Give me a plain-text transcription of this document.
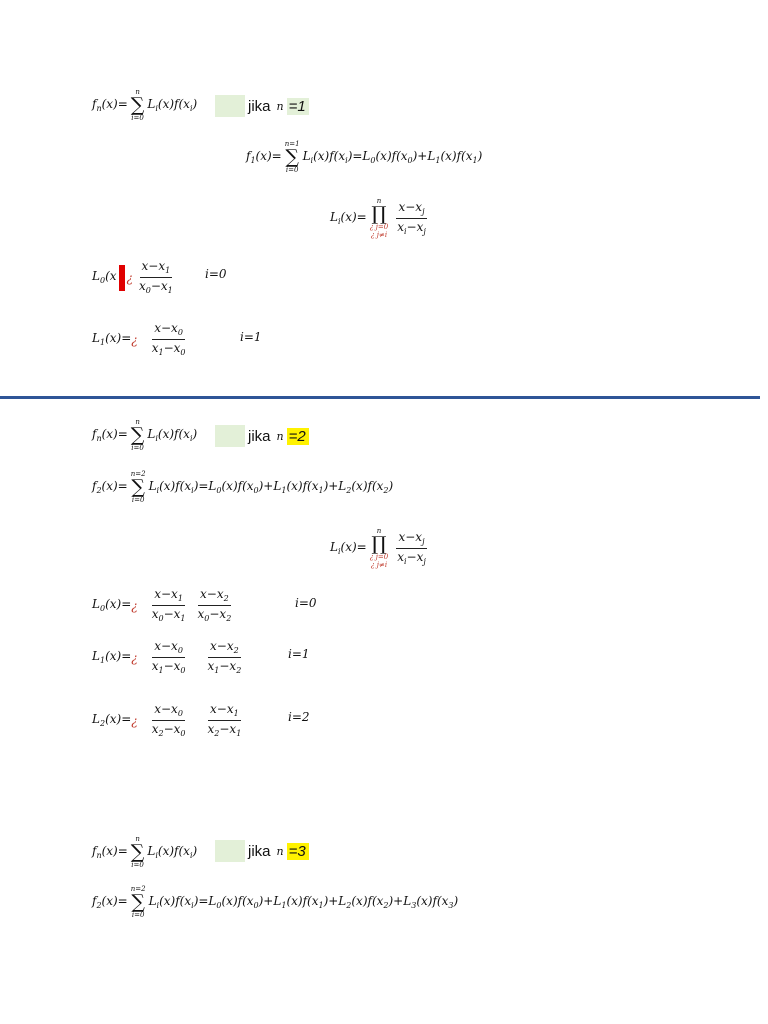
$f_n(x)=$
n
∑
i=0
$L_i(x)f(x_i)$	jika n =1
$f_1(x)=$
n=1
∑
i=0
$L_i(x)f(x_i)=L_0(x)f(x_0)+L_1(x)f(x_1)$
$L_i(x)=$
n
∏
¿ j=0
¿ $j\ne i \frac{x-x_j}{x_i-x_j}$
$L_0(x$ ¿ $\frac{x-x_1}{x_0-x_1}$	i=0
$L_1(x)=$ ¿ $\frac{x-x_0}{x_1-x_0}$	i=1
$f_n(x)=$
n
∑
i=0
$L_i(x)f(x_i)$	jika n =2
$f_2(x)=$
n=2
∑
i=0
$L_i(x)f(x_i)=L_0(x)f(x_0)+L_1(x)f(x_1)+L_2(x)f(x_2)$
$L_i(x)=$
n
∏
¿ j=0
¿ $j\ne i \frac{x-x_j}{x_i-x_j}$
$L_0(x)=$ ¿ $\frac{x-x_1}{x_0-x_1} \frac{x-x_2}{x_0-x_2}$	i=0
$L_1(x)=$ ¿ $\frac{x-x_0}{x_1-x_0} \frac{x-x_2}{x_1-x_2}$	i=1
$L_2(x)=$ ¿ $\frac{x-x_0}{x_2-x_0} \frac{x-x_1}{x_2-x_1}$	i=2
$f_n(x)=$
n
∑
i=0
$L_i(x)f(x_i)$	jika n =3
$f_2(x)=$
n=2
∑
i=0
$L_i(x)f(x_i)=L_0(x)f(x_0)+L_1(x)f(x_1)+L_2(x)f(x_2)+L_3(x)f(x_3)$
